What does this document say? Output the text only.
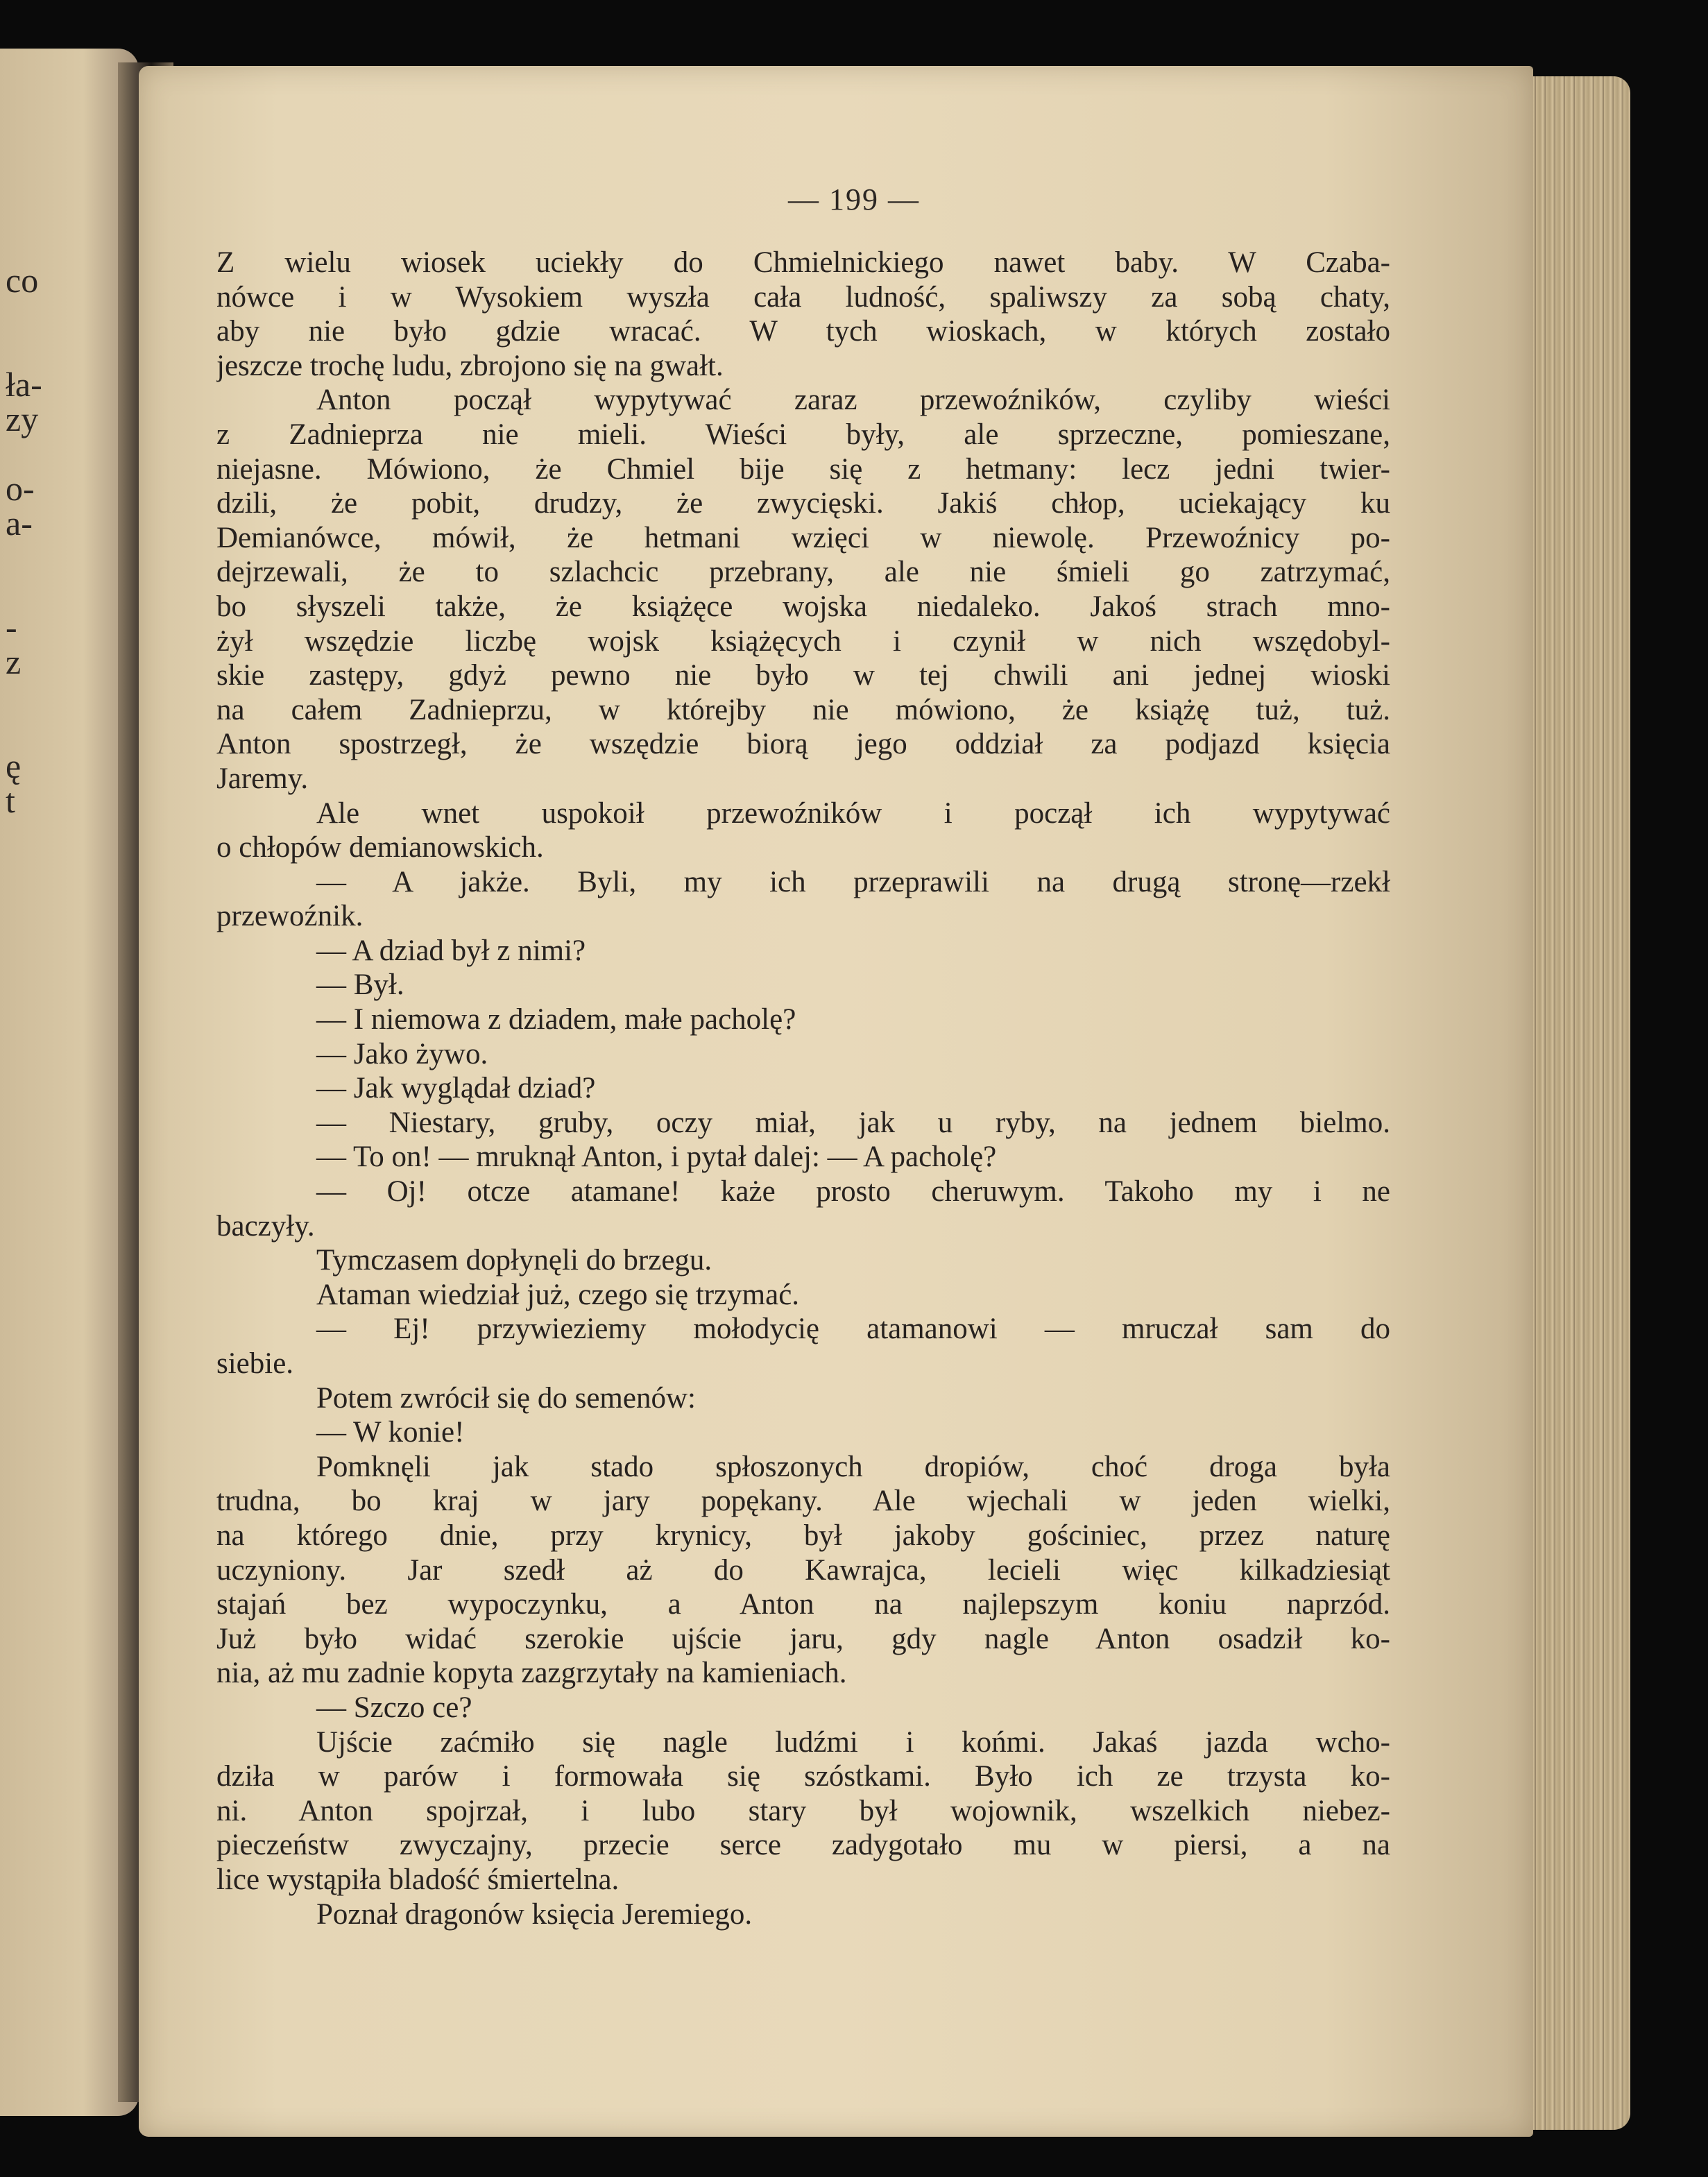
co
ła-
zy
o-
a-
-
z
ę
t
— 199 —
Z wielu wiosek uciekły do Chmielnickiego nawet baby. W Czaba-
nówce i w Wysokiem wyszła cała ludność, spaliwszy za sobą chaty,
aby nie było gdzie wracać. W tych wioskach, w których zostało
jeszcze trochę ludu, zbrojono się na gwałt.
Anton począł wypytywać zaraz przewoźników, czyliby wieści
z Zadnieprza nie mieli. Wieści były, ale sprzeczne, pomieszane,
niejasne. Mówiono, że Chmiel bije się z hetmany: lecz jedni twier-
dzili, że pobit, drudzy, że zwycięski. Jakiś chłop, uciekający ku
Demianówce, mówił, że hetmani wzięci w niewolę. Przewoźnicy po-
dejrzewali, że to szlachcic przebrany, ale nie śmieli go zatrzymać,
bo słyszeli także, że książęce wojska niedaleko. Jakoś strach mno-
żył wszędzie liczbę wojsk książęcych i czynił w nich wszędobyl-
skie zastępy, gdyż pewno nie było w tej chwili ani jednej wioski
na całem Zadnieprzu, w którejby nie mówiono, że książę tuż, tuż.
Anton spostrzegł, że wszędzie biorą jego oddział za podjazd księcia
Jaremy.
Ale wnet uspokoił przewoźników i począł ich wypytywać
o chłopów demianowskich.
— A jakże. Byli, my ich przeprawili na drugą stronę—rzekł
przewoźnik.
— A dziad był z nimi?
— Był.
— I niemowa z dziadem, małe pacholę?
— Jako żywo.
— Jak wyglądał dziad?
— Niestary, gruby, oczy miał, jak u ryby, na jednem bielmo.
— To on! — mruknął Anton, i pytał dalej: — A pacholę?
— Oj! otcze atamane! każe prosto cheruwym. Takoho my i ne
baczyły.
Tymczasem dopłynęli do brzegu.
Ataman wiedział już, czego się trzymać.
— Ej! przywieziemy mołodycię atamanowi — mruczał sam do
siebie.
Potem zwrócił się do semenów:
— W konie!
Pomknęli jak stado spłoszonych dropiów, choć droga była
trudna, bo kraj w jary popękany. Ale wjechali w jeden wielki,
na którego dnie, przy krynicy, był jakoby gościniec, przez naturę
uczyniony. Jar szedł aż do Kawrajca, lecieli więc kilkadziesiąt
stajań bez wypoczynku, a Anton na najlepszym koniu naprzód.
Już było widać szerokie ujście jaru, gdy nagle Anton osadził ko-
nia, aż mu zadnie kopyta zazgrzytały na kamieniach.
— Szczo ce?
Ujście zaćmiło się nagle ludźmi i końmi. Jakaś jazda wcho-
dziła w parów i formowała się szóstkami. Było ich ze trzysta ko-
ni. Anton spojrzał, i lubo stary był wojownik, wszelkich niebez-
pieczeństw zwyczajny, przecie serce zadygotało mu w piersi, a na
lice wystąpiła bladość śmiertelna.
Poznał dragonów księcia Jeremiego.
